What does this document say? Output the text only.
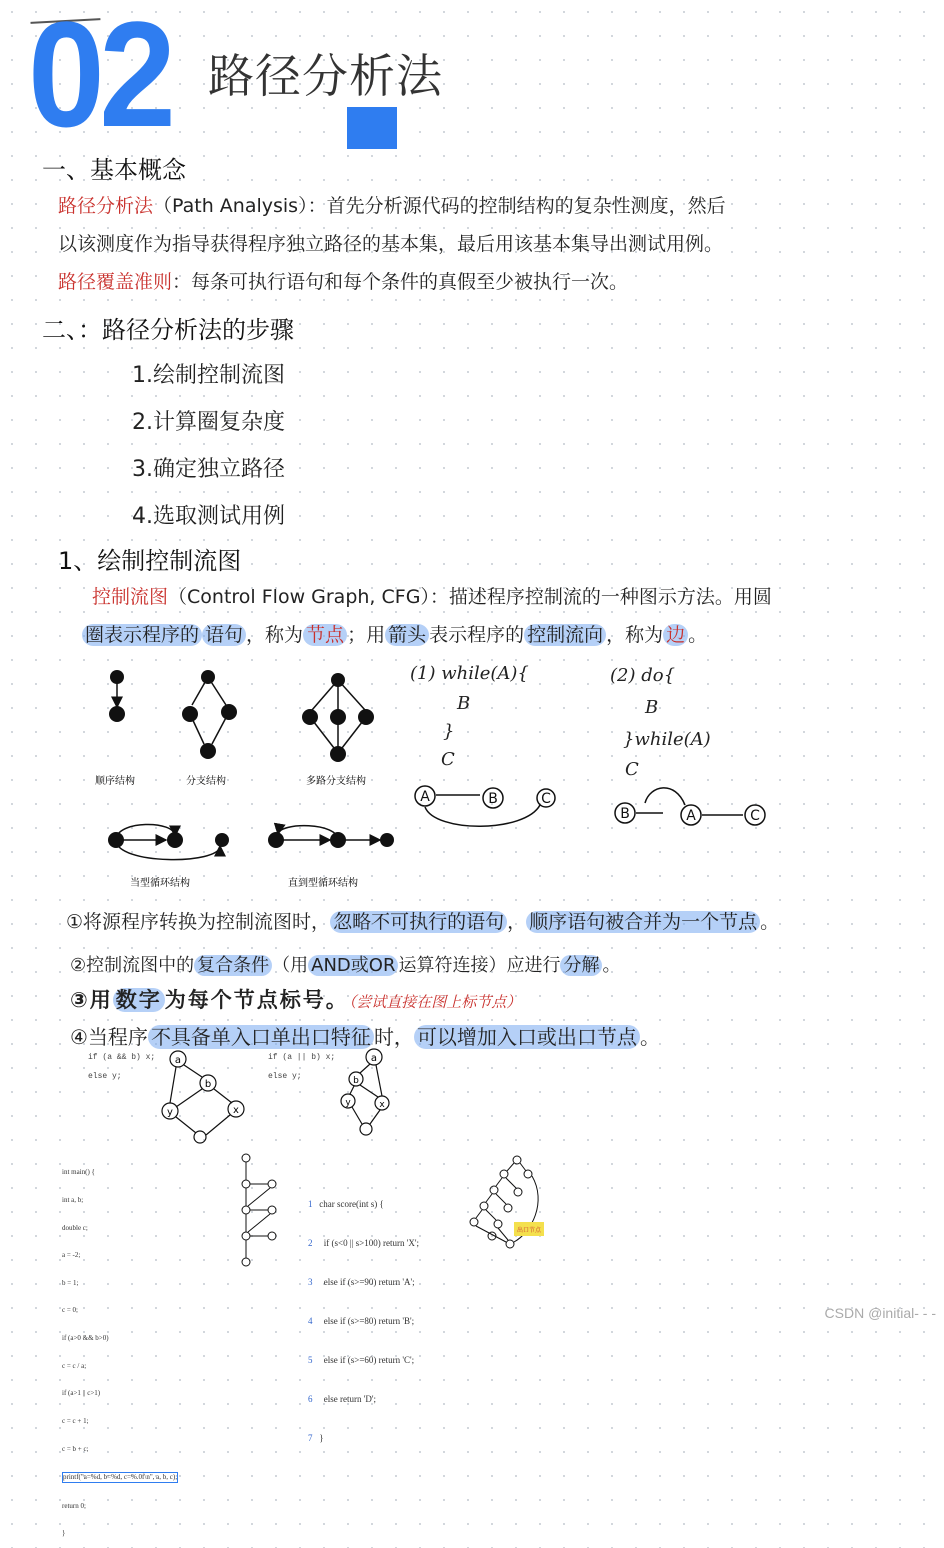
02 路径分析法
一、基本概念
路径分析法（Path Analysis）：首先分析源代码的控制结构的复杂性测度，然后
以该测度作为指导获得程序独立路径的基本集，最后用该基本集导出测试用例。
路径覆盖准则：每条可执行语句和每个条件的真假至少被执行一次。
二、：路径分析法的步骤
1.绘制控制流图
2.计算圈复杂度
3.确定独立路径
4.选取测试用例
1、绘制控制流图
控制流图（Control Flow Graph, CFG）：描述程序控制流的一种图示方法。用圆
圈表示程序的 语句 ，称为 节点 ；用 箭头 表示程序的 控制流向 ，称为 边 。
顺序结构	分支结构	多路分支结构
当型循环结构	直到型循环结构
(1) while(A){
B
}
C
A	B	C
(2) do{
B
}while(A)
C
B	A	C
①将源程序转换为控制流图时， 忽略不可执行的语句 ， 顺序语句被合并为一个节点 。
②控制流图中的 复合条件 （用 AND或OR 运算符连接）应进行 分解 。
③用 数字 为每个节点标号。（尝试直接在图上标节点）
④当程序 不具备单入口单出口特征 时， 可以增加入口或出口节点 。
if (a && b) x;
else y;
a
b
y	x
if (a || b) x;
else y;
a
b
y	x

int main() {

int a, b;

double c;

a = -2;

b = 1;

c = 0;

if (a>0 && b>0)

c = c / a;

if (a>1 || c>1)

c = c + 1;

c = b + c;

printf("a=%d, b=%d, c=%.0f\n", a, b, c);

return 0;

}

1 char score(int s) {

2 if (s<0 || s>100) return 'X';

3 else if (s>=90) return 'A';

4 else if (s>=80) return 'B';

5 else if (s>=60) return 'C';

6 else return 'D';

7 }

出口节点
CSDN @initial- - -
